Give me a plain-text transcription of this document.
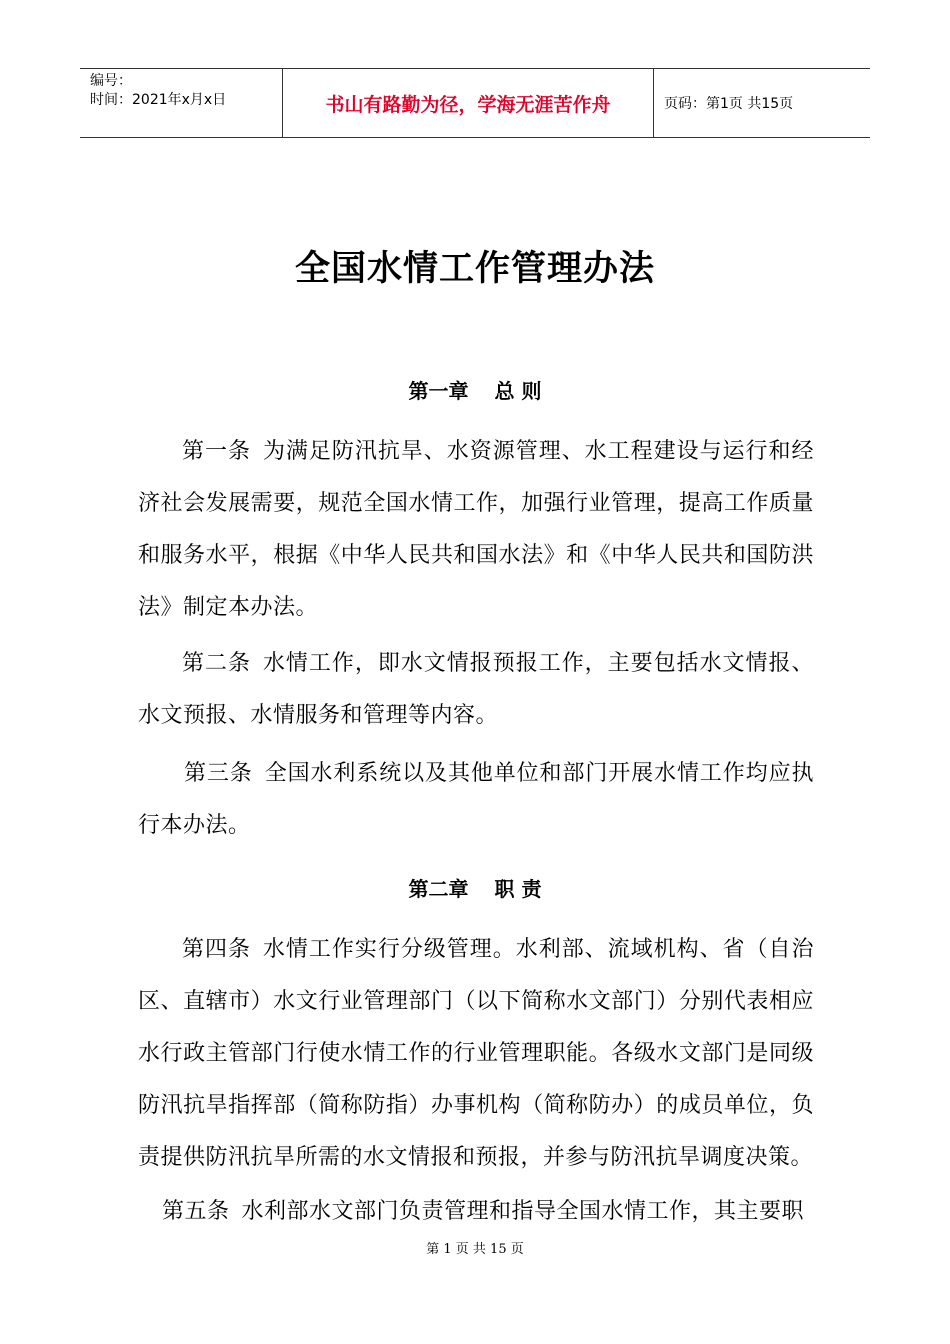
编号：
时间：2021年x月x日	书山有路勤为径，学海无涯苦作舟	页码：第1页 共15页
全国水情工作管理办法
第一章 总 则
第一条 为满足防汛抗旱、水资源管理、水工程建设与运行和经济社会发展需要，规范全国水情工作，加强行业管理，提高工作质量和服务水平，根据《中华人民共和国水法》和《中华人民共和国防洪法》制定本办法。
第二条 水情工作，即水文情报预报工作，主要包括水文情报、水文预报、水情服务和管理等内容。
第三条 全国水利系统以及其他单位和部门开展水情工作均应执行本办法。
第二章 职 责
第四条 水情工作实行分级管理。水利部、流域机构、省（自治区、直辖市）水文行业管理部门（以下简称水文部门）分别代表相应水行政主管部门行使水情工作的行业管理职能。各级水文部门是同级防汛抗旱指挥部（简称防指）办事机构（简称防办）的成员单位，负责提供防汛抗旱所需的水文情报和预报，并参与防汛抗旱调度决策。
第五条 水利部水文部门负责管理和指导全国水情工作，其主要职
第 1 页 共 15 页
